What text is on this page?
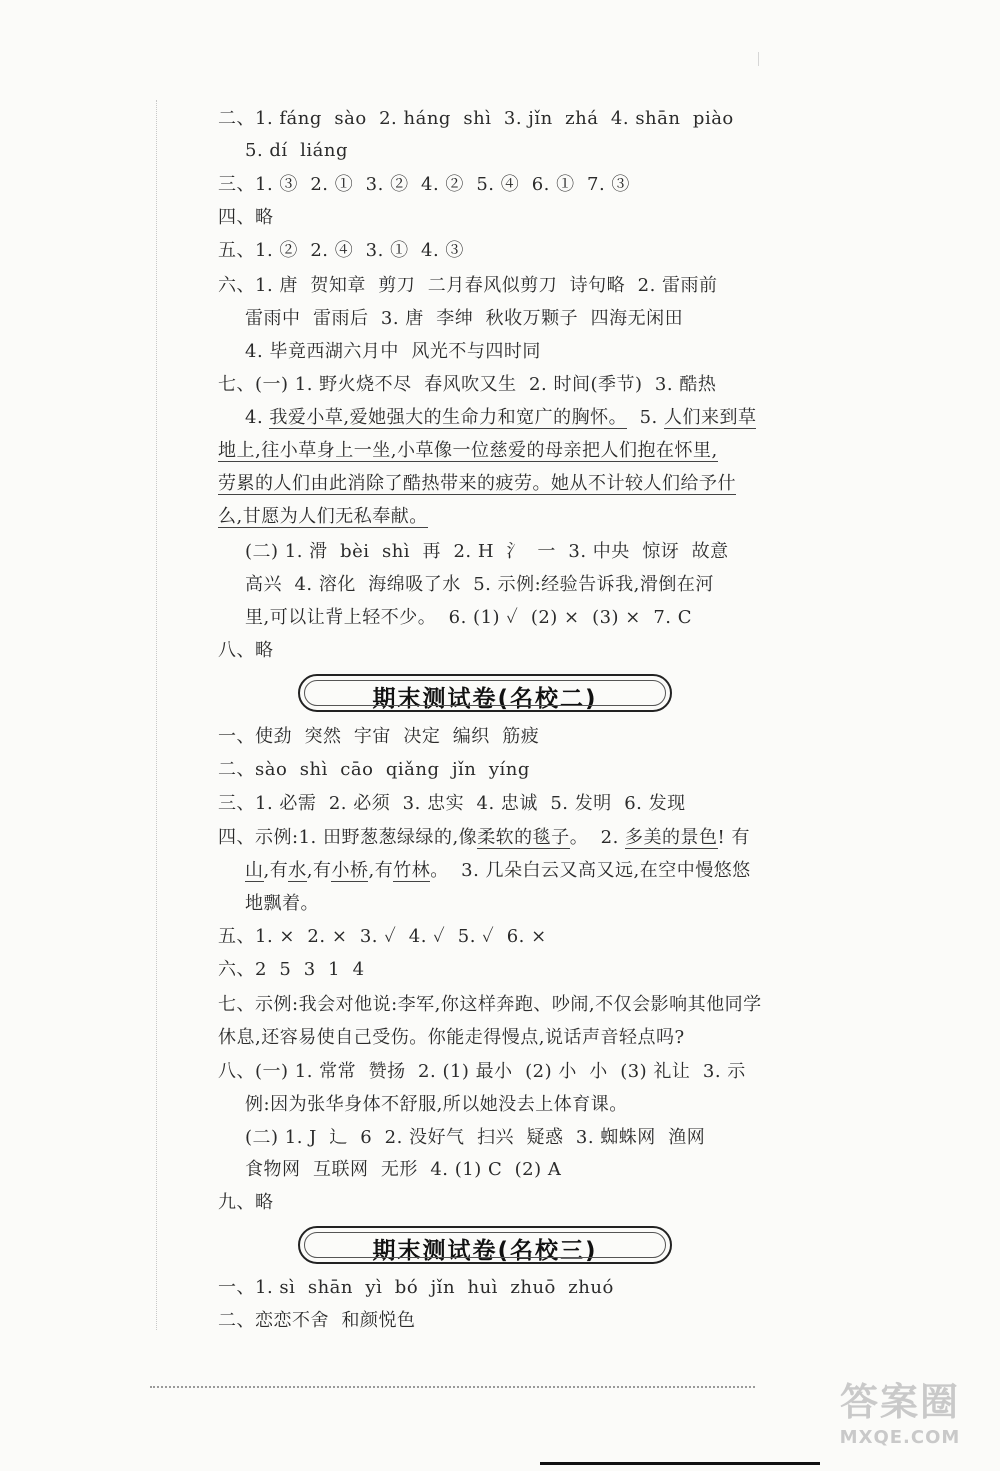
二、1. fáng  sào  2. háng  shì  3. jǐn  zhá  4. shān  piào
5. dí  liáng
三、1. ③  2. ①  3. ②  4. ②  5. ④  6. ①  7. ③
四、略
五、1. ②  2. ④  3. ①  4. ③
六、1. 唐  贺知章  剪刀  二月春风似剪刀  诗句略  2. 雷雨前
雷雨中  雷雨后  3. 唐  李绅  秋收万颗子  四海无闲田
4. 毕竟西湖六月中  风光不与四时同
七、(一) 1. 野火烧不尽  春风吹又生  2. 时间(季节)  3. 酷热
4. 我爱小草,爱她强大的生命力和宽广的胸怀。  5. 人们来到草
地上,往小草身上一坐,小草像一位慈爱的母亲把人们抱在怀里,
劳累的人们由此消除了酷热带来的疲劳。她从不计较人们给予什
么,甘愿为人们无私奉献。
(二) 1. 滑  bèi  shì  再  2. H  氵  一  3. 中央  惊讶  故意
高兴  4. 溶化  海绵吸了水  5. 示例:经验告诉我,滑倒在河
里,可以让背上轻不少。  6. (1) ✓  (2) ×  (3) ×  7. C
八、略
期末测试卷(名校二)
一、使劲  突然  宇宙  决定  编织  筋疲
二、sào  shì  cāo  qiǎng  jǐn  yíng
三、1. 必需  2. 必须  3. 忠实  4. 忠诚  5. 发明  6. 发现
四、示例:1. 田野葱葱绿绿的,像柔软的毯子。  2. 多美的景色! 有
山,有水,有小桥,有竹林。  3. 几朵白云又高又远,在空中慢悠悠
地飘着。
五、1. ×  2. ×  3. ✓  4. ✓  5. ✓  6. ×
六、2  5  3  1  4
七、示例:我会对他说:李军,你这样奔跑、吵闹,不仅会影响其他同学
休息,还容易使自己受伤。你能走得慢点,说话声音轻点吗?
八、(一) 1. 常常  赞扬  2. (1) 最小  (2) 小  小  (3) 礼让  3. 示
例:因为张华身体不舒服,所以她没去上体育课。
(二) 1. J  辶  6  2. 没好气  扫兴  疑惑  3. 蜘蛛网  渔网
食物网  互联网  无形  4. (1) C  (2) A
九、略
期末测试卷(名校三)
一、1. sì  shān  yì  bó  jǐn  huì  zhuō  zhuó
二、恋恋不舍  和颜悦色
答案圈
MXQE.COM
